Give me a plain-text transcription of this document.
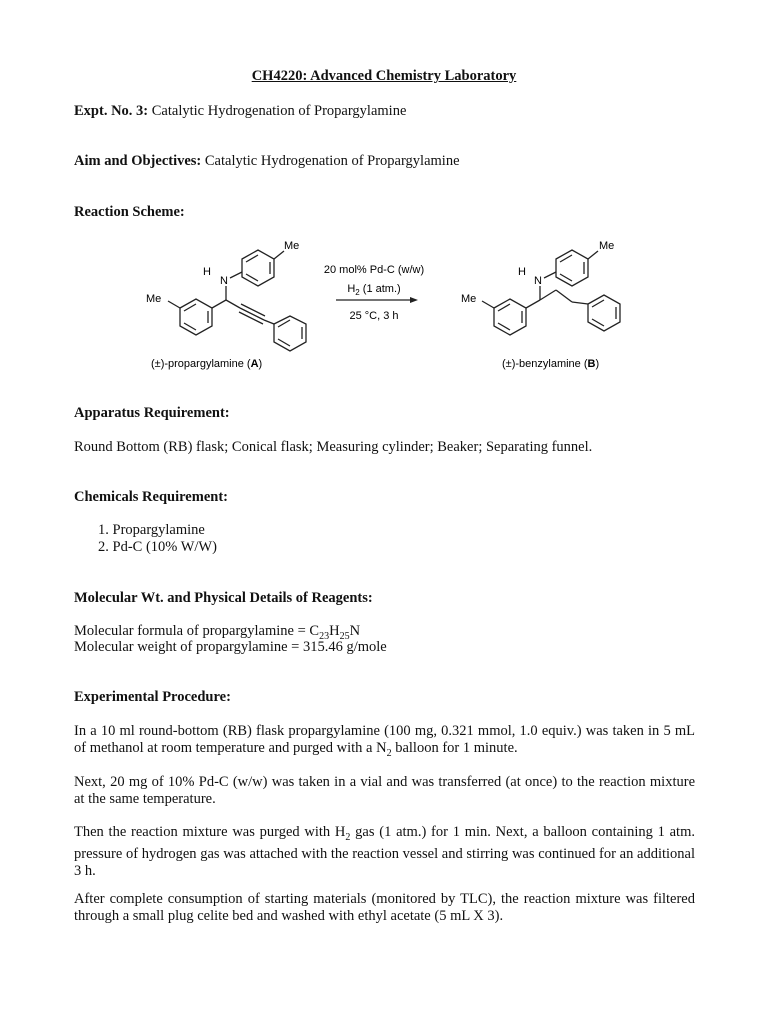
CH4220: Advanced Chemistry Laboratory
Expt. No. 3: Catalytic Hydrogenation of Propargylamine
Aim and Objectives: Catalytic Hydrogenation of Propargylamine
Reaction Scheme:
Me
H
N
Me
(±)-propargylamine (A)
20 mol% Pd-C (w/w)
$H_2$ (1 atm.)
25 °C, 3 h
Me
H
N
Me
(±)-benzylamine (B)
Apparatus Requirement:
Round Bottom (RB) flask; Conical flask; Measuring cylinder; Beaker; Separating funnel.
Chemicals Requirement:
1. Propargylamine
2. Pd-C (10% W/W)
Molecular Wt. and Physical Details of Reagents:
Molecular formula of propargylamine = $C_{23}H_{25}N$
Molecular weight of propargylamine = 315.46 g/mole
Experimental Procedure:
In a 10 ml round-bottom (RB) flask propargylamine (100 mg, 0.321 mmol, 1.0 equiv.) was taken in 5 mL of methanol at room temperature and purged with a $N_2$ balloon for 1 minute.
Next, 20 mg of 10% Pd-C (w/w) was taken in a vial and was transferred (at once) to the reaction mixture at the same temperature.
Then the reaction mixture was purged with $H_2$ gas (1 atm.) for 1 min. Next, a balloon containing 1 atm. pressure of hydrogen gas was attached with the reaction vessel and stirring was continued for an additional 3 h.
After complete consumption of starting materials (monitored by TLC), the reaction mixture was filtered through a small plug celite bed and washed with ethyl acetate (5 mL X 3).
